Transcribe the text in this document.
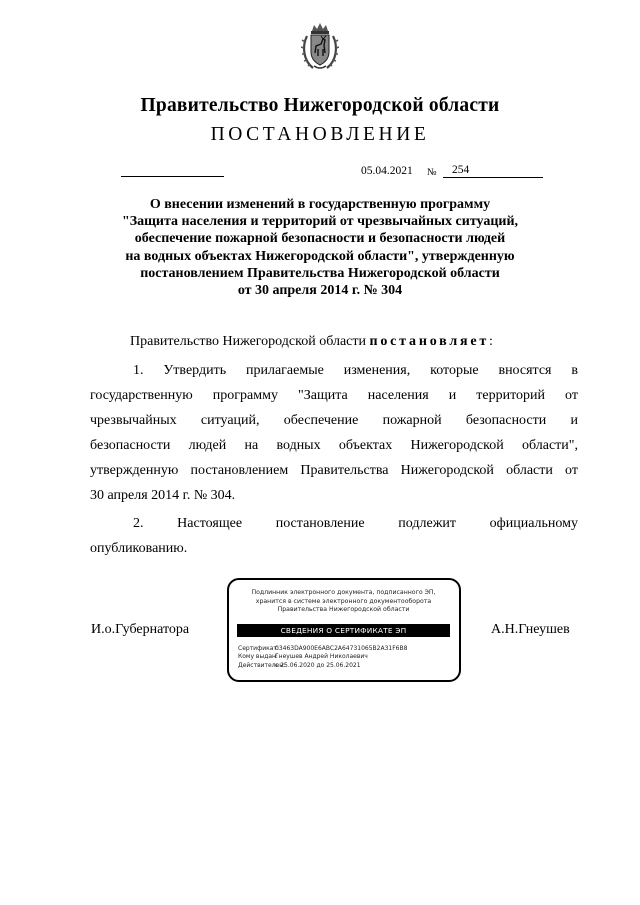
Правительство Нижегородской области
ПОСТАНОВЛЕНИЕ
05.04.2021 № 254
О внесении изменений в государственную программу
"Защита населения и территорий от чрезвычайных ситуаций,
обеспечение пожарной безопасности и безопасности людей
на водных объектах Нижегородской области", утвержденную
постановлением Правительства Нижегородской области
от 30 апреля 2014 г. № 304
Правительство Нижегородской области постановляет:
1. Утвердить прилагаемые изменения, которые вносятся в
государственную программу "Защита населения и территорий от
чрезвычайных ситуаций, обеспечение пожарной безопасности и
безопасности людей на водных объектах Нижегородской области",
утвержденную постановлением Правительства Нижегородской области от
30 апреля 2014 г. № 304.
2. Настоящее постановление подлежит официальному
опубликованию.
И.о.Губернатора	А.Н.Гнеушев
Подлинник электронного документа, подписанного ЭП,
хранится в системе электронного документооборота
Правительства Нижегородской области
СВЕДЕНИЯ О СЕРТИФИКАТЕ ЭП
Сертификат:03463DA900E6ABC2A64731065B2A31F6B8
Кому выдан:Гнеушев Андрей Николаевич
Действителен:с 25.06.2020 до 25.06.2021
